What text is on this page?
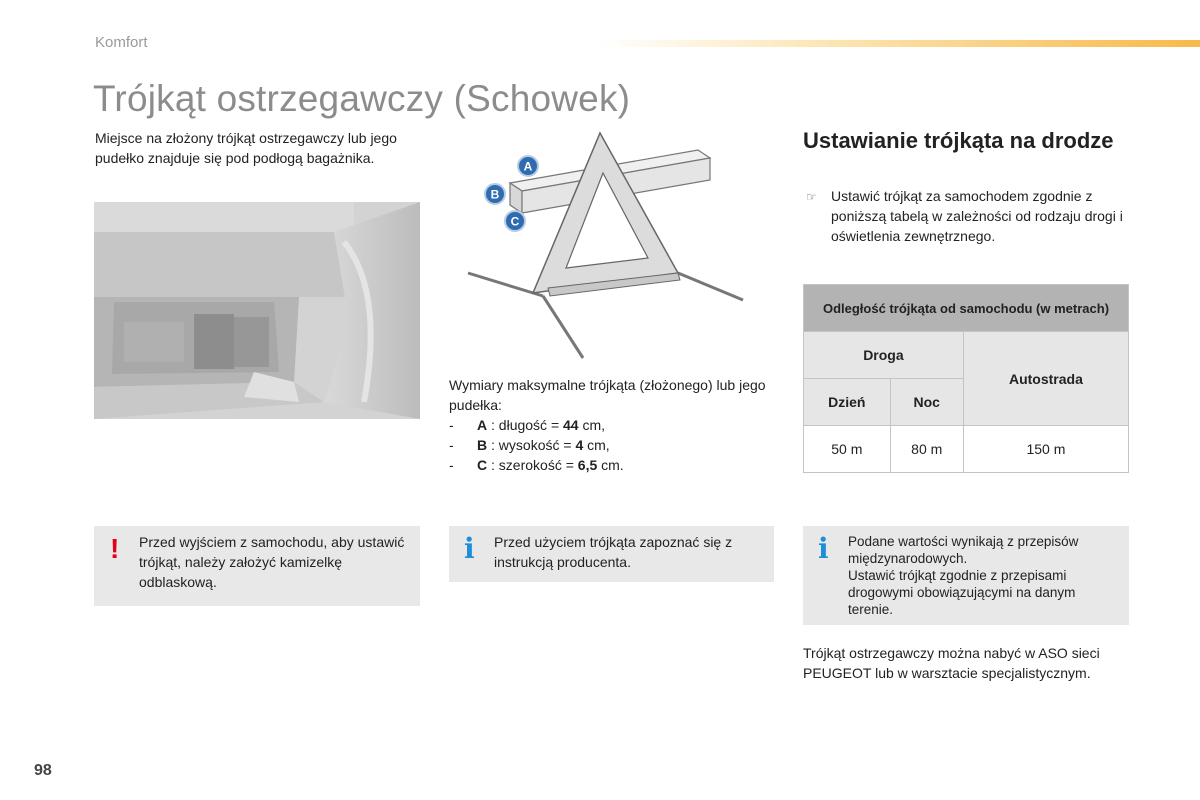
Komfort
Trójkąt ostrzegawczy (Schowek)
Miejsce na złożony trójkąt ostrzegawczy lub jego pudełko znajduje się pod podłogą bagażnika.
A
B
C
Wymiary maksymalne trójkąta (złożonego) lub jego pudełka:
- A : długość = 44 cm,
- B : wysokość = 4 cm,
- C : szerokość = 6,5 cm.
Ustawianie trójkąta na drodze
☞ Ustawić trójkąt za samochodem zgodnie z poniższą tabelą w zależności od rodzaju drogi i oświetlenia zewnętrznego.
Odległość trójkąta od samochodu (w metrach)		
Droga		Autostrada
Dzień	Noc	
50 m	80 m	150 m
! Przed wyjściem z samochodu, aby ustawić trójkąt, należy założyć kamizelkę odblaskową.
i Przed użyciem trójkąta zapoznać się z instrukcją producenta.	i Podane wartości wynikają z przepisów międzynarodowych.
Ustawić trójkąt zgodnie z przepisami drogowymi obowiązującymi na danym terenie.
Trójkąt ostrzegawczy można nabyć w ASO sieci PEUGEOT lub w warsztacie specjalistycznym.
98
